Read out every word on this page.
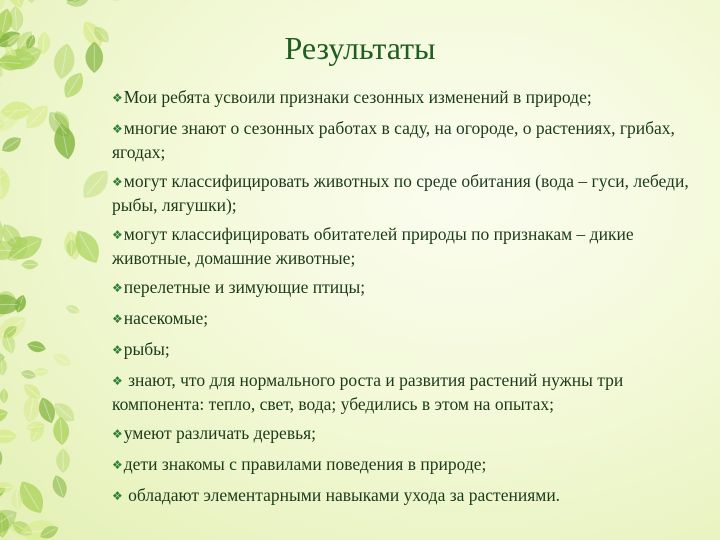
Результаты
❖Мои ребята усвоили признаки сезонных изменений в природе;
❖многие знают о сезонных работах в саду, на огороде, о растениях, грибах, ягодах;
❖могут классифицировать животных по среде обитания (вода – гуси, лебеди, рыбы, лягушки);
❖могут классифицировать обитателей природы по признакам – дикие животные, домашние животные;
❖перелетные и зимующие птицы;
❖насекомые;
❖рыбы;
❖ знают, что для нормального роста и развития растений нужны три компонента: тепло, свет, вода; убедились в этом на опытах;
❖умеют различать деревья;
❖дети знакомы с правилами поведения в природе;
❖ обладают элементарными навыками ухода за растениями.
